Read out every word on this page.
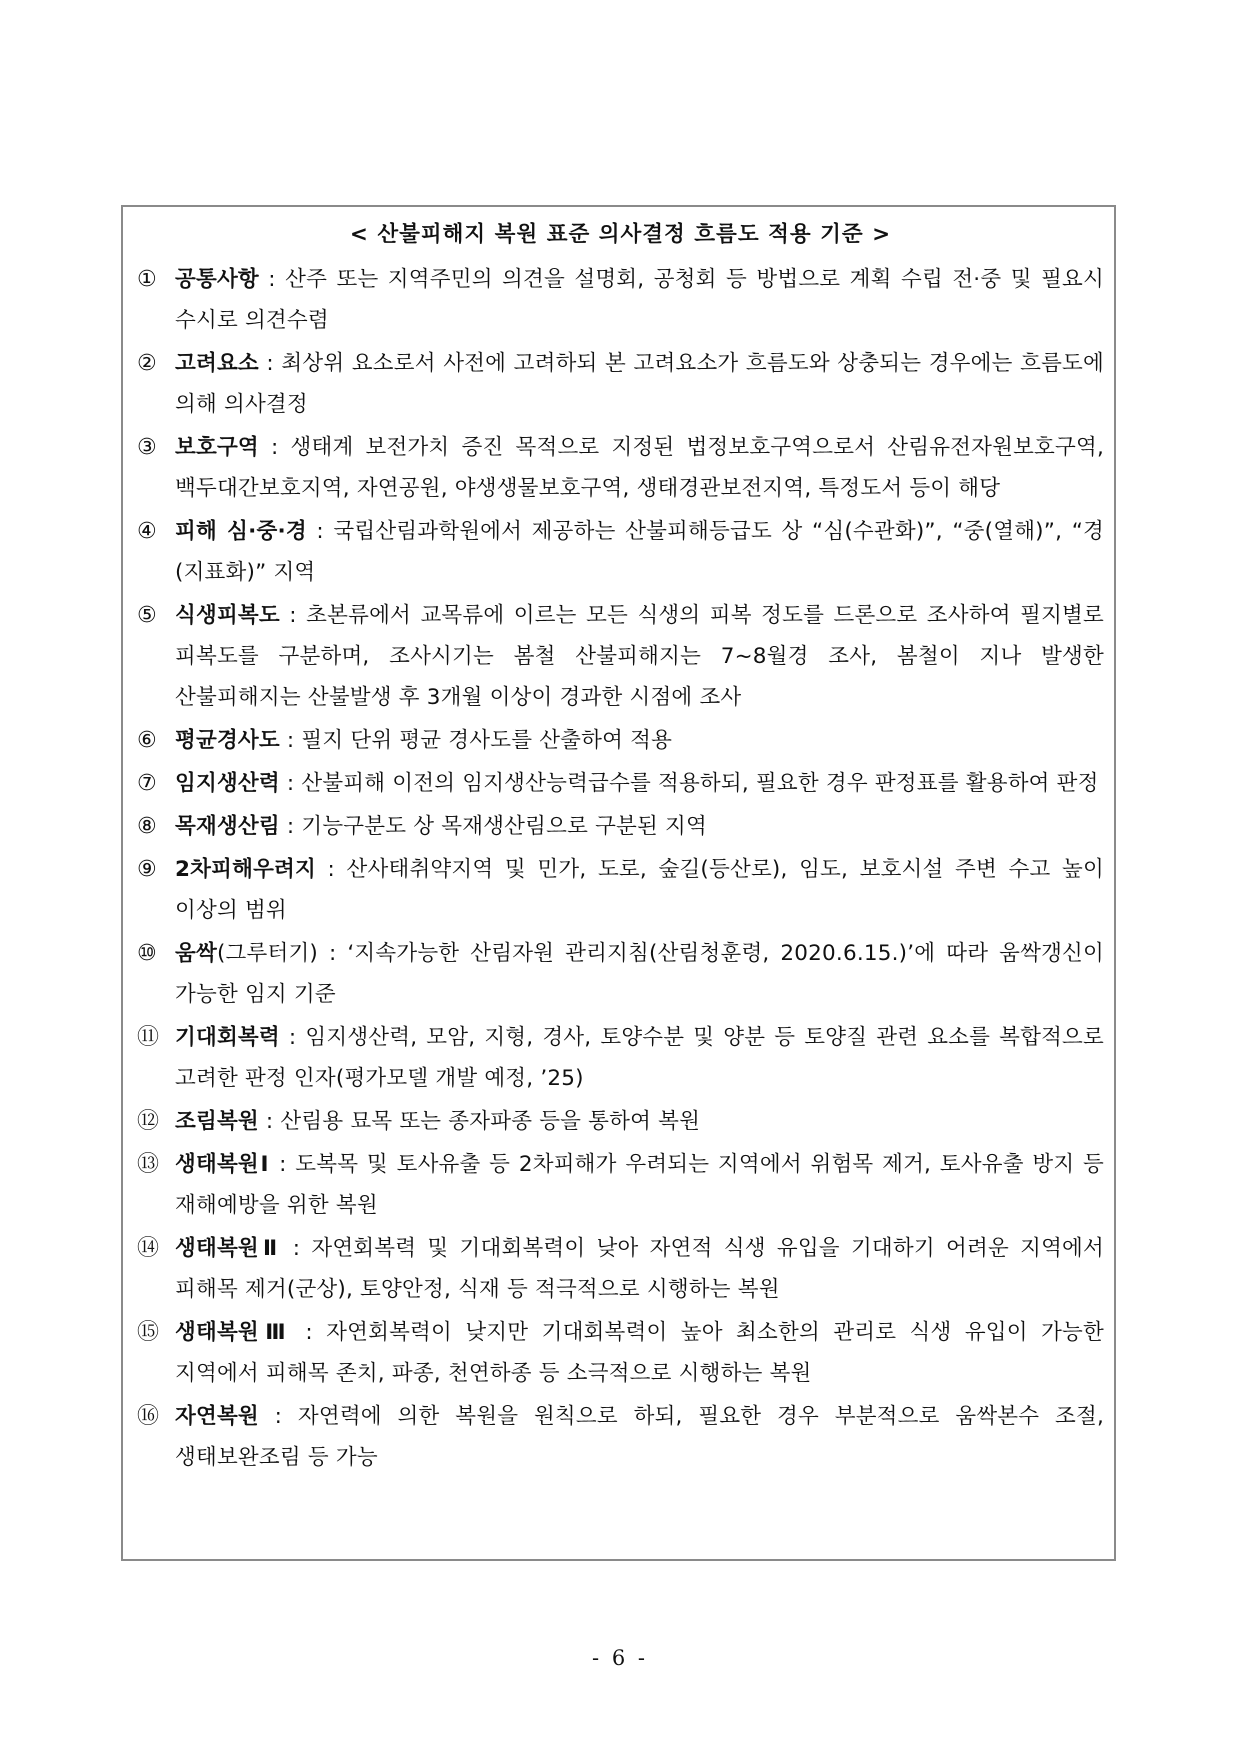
< 산불피해지 복원 표준 의사결정 흐름도 적용 기준 >
① 공통사항 : 산주 또는 지역주민의 의견을 설명회, 공청회 등 방법으로 계획 수립 전·중 및 필요시 수시로 의견수렴
② 고려요소 : 최상위 요소로서 사전에 고려하되 본 고려요소가 흐름도와 상충되는 경우에는 흐름도에 의해 의사결정
③ 보호구역 : 생태계 보전가치 증진 목적으로 지정된 법정보호구역으로서 산림유전자원보호구역, 백두대간보호지역, 자연공원, 야생생물보호구역, 생태경관보전지역, 특정도서 등이 해당
④ 피해 심·중·경 : 국립산림과학원에서 제공하는 산불피해등급도 상 “심(수관화)”, “중(열해)”, “경(지표화)” 지역
⑤ 식생피복도 : 초본류에서 교목류에 이르는 모든 식생의 피복 정도를 드론으로 조사하여 필지별로 피복도를 구분하며, 조사시기는 봄철 산불피해지는 7~8월경 조사, 봄철이 지나 발생한 산불피해지는 산불발생 후 3개월 이상이 경과한 시점에 조사
⑥ 평균경사도 : 필지 단위 평균 경사도를 산출하여 적용
⑦ 임지생산력 : 산불피해 이전의 임지생산능력급수를 적용하되, 필요한 경우 판정표를 활용하여 판정
⑧ 목재생산림 : 기능구분도 상 목재생산림으로 구분된 지역
⑨ 2차피해우려지 : 산사태취약지역 및 민가, 도로, 숲길(등산로), 임도, 보호시설 주변 수고 높이 이상의 범위
⑩ 움싹(그루터기) : ‘지속가능한 산림자원 관리지침(산림청훈령, 2020.6.15.)’에 따라 움싹갱신이 가능한 임지 기준
⑪ 기대회복력 : 임지생산력, 모암, 지형, 경사, 토양수분 및 양분 등 토양질 관련 요소를 복합적으로 고려한 판정 인자(평가모델 개발 예정, ’25)
⑫ 조림복원 : 산림용 묘목 또는 종자파종 등을 통하여 복원
⑬ 생태복원Ⅰ : 도복목 및 토사유출 등 2차피해가 우려되는 지역에서 위험목 제거, 토사유출 방지 등 재해예방을 위한 복원
⑭ 생태복원Ⅱ : 자연회복력 및 기대회복력이 낮아 자연적 식생 유입을 기대하기 어려운 지역에서 피해목 제거(군상), 토양안정, 식재 등 적극적으로 시행하는 복원
⑮ 생태복원Ⅲ : 자연회복력이 낮지만 기대회복력이 높아 최소한의 관리로 식생 유입이 가능한 지역에서 피해목 존치, 파종, 천연하종 등 소극적으로 시행하는 복원
⑯ 자연복원 : 자연력에 의한 복원을 원칙으로 하되, 필요한 경우 부분적으로 움싹본수 조절, 생태보완조림 등 가능
- 6 -
